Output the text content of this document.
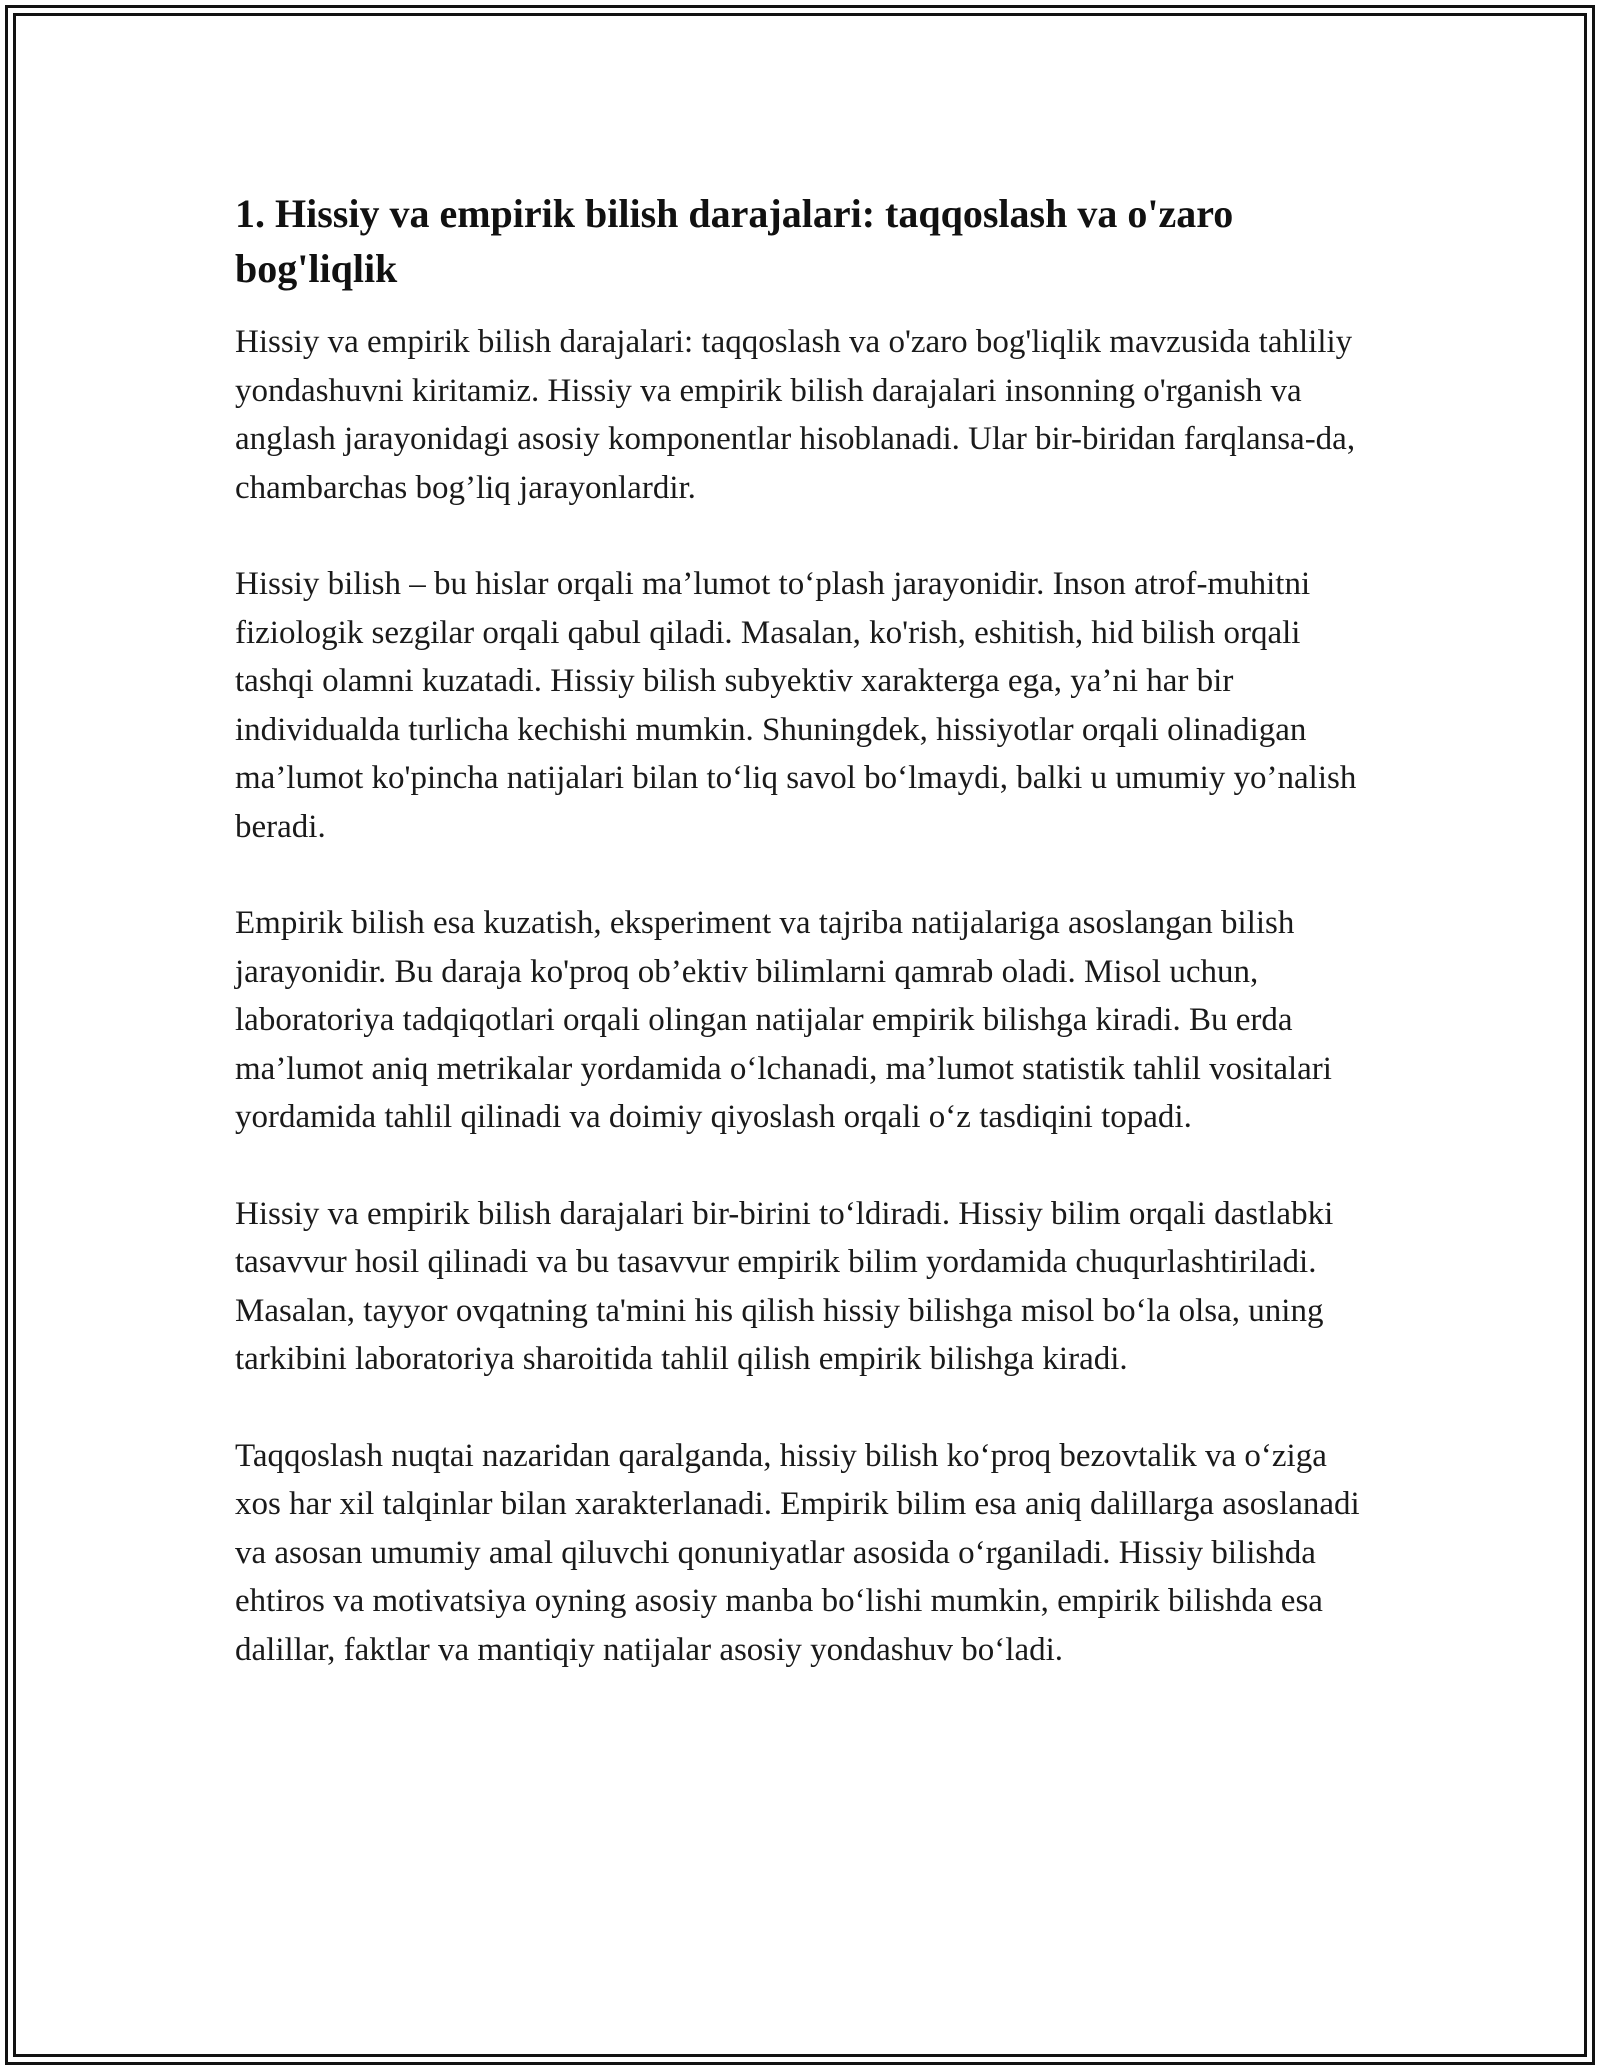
1. Hissiy va empirik bilish darajalari: taqqoslash va o'zaro bog'liqlik

Hissiy va empirik bilish darajalari: taqqoslash va o'zaro bog'liqlik mavzusida tahliliy yondashuvni kiritamiz. Hissiy va empirik bilish darajalari insonning o'rganish va anglash jarayonidagi asosiy komponentlar hisoblanadi. Ular bir-biridan farqlansa-da, chambarchas bog’liq jarayonlardir.

Hissiy bilish – bu hislar orqali ma’lumot to‘plash jarayonidir. Inson atrof-muhitni fiziologik sezgilar orqali qabul qiladi. Masalan, ko'rish, eshitish, hid bilish orqali tashqi olamni kuzatadi. Hissiy bilish subyektiv xarakterga ega, ya’ni har bir individualda turlicha kechishi mumkin. Shuningdek, hissiyotlar orqali olinadigan ma’lumot ko'pincha natijalari bilan to‘liq savol bo‘lmaydi, balki u umumiy yo’nalish beradi.

Empirik bilish esa kuzatish, eksperiment va tajriba natijalariga asoslangan bilish jarayonidir. Bu daraja ko'proq ob’ektiv bilimlarni qamrab oladi. Misol uchun, laboratoriya tadqiqotlari orqali olingan natijalar empirik bilishga kiradi. Bu erda ma’lumot aniq metrikalar yordamida o‘lchanadi, ma’lumot statistik tahlil vositalari yordamida tahlil qilinadi va doimiy qiyoslash orqali o‘z tasdiqini topadi.

Hissiy va empirik bilish darajalari bir-birini to‘ldiradi. Hissiy bilim orqali dastlabki tasavvur hosil qilinadi va bu tasavvur empirik bilim yordamida chuqurlashtiriladi. Masalan, tayyor ovqatning ta'mini his qilish hissiy bilishga misol bo‘la olsa, uning tarkibini laboratoriya sharoitida tahlil qilish empirik bilishga kiradi.

Taqqoslash nuqtai nazaridan qaralganda, hissiy bilish ko‘proq bezovtalik va o‘ziga xos har xil talqinlar bilan xarakterlanadi. Empirik bilim esa aniq dalillarga asoslanadi va asosan umumiy amal qiluvchi qonuniyatlar asosida o‘rganiladi. Hissiy bilishda ehtiros va motivatsiya oyning asosiy manba bo‘lishi mumkin, empirik bilishda esa dalillar, faktlar va mantiqiy natijalar asosiy yondashuv bo‘ladi.
